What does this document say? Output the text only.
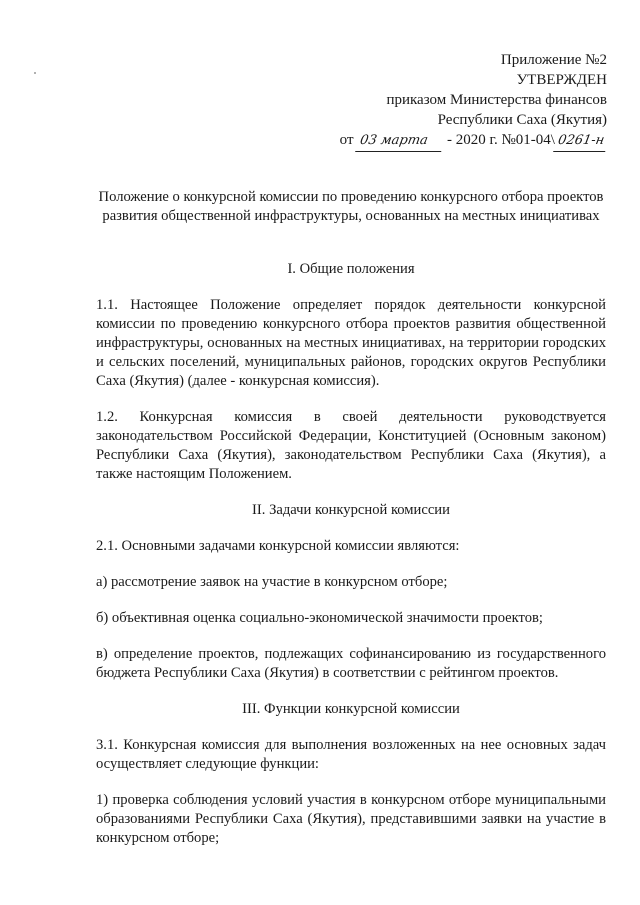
Приложение №2
УТВЕРЖДЕН
приказом Министерства финансов
Республики Саха (Якутия)
от 03 марта - 2020 г. №01-04\ 0261-н
Положение о конкурсной комиссии по проведению конкурсного отбора проектов развития общественной инфраструктуры, основанных на местных инициативах
I. Общие положения
1.1. Настоящее Положение определяет порядок деятельности конкурсной комиссии по проведению конкурсного отбора проектов развития общественной инфраструктуры, основанных на местных инициативах, на территории городских и сельских поселений, муниципальных районов, городских округов Республики Саха (Якутия) (далее - конкурсная комиссия).
1.2. Конкурсная комиссия в своей деятельности руководствуется законодательством Российской Федерации, Конституцией (Основным законом) Республики Саха (Якутия), законодательством Республики Саха (Якутия), а также настоящим Положением.
II. Задачи конкурсной комиссии
2.1. Основными задачами конкурсной комиссии являются:
а) рассмотрение заявок на участие в конкурсном отборе;
б) объективная оценка социально-экономической значимости проектов;
в) определение проектов, подлежащих софинансированию из государственного бюджета Республики Саха (Якутия) в соответствии с рейтингом проектов.
III. Функции конкурсной комиссии
3.1. Конкурсная комиссия для выполнения возложенных на нее основных задач осуществляет следующие функции:
1) проверка соблюдения условий участия в конкурсном отборе муниципальными образованиями Республики Саха (Якутия), представившими заявки на участие в конкурсном отборе;
